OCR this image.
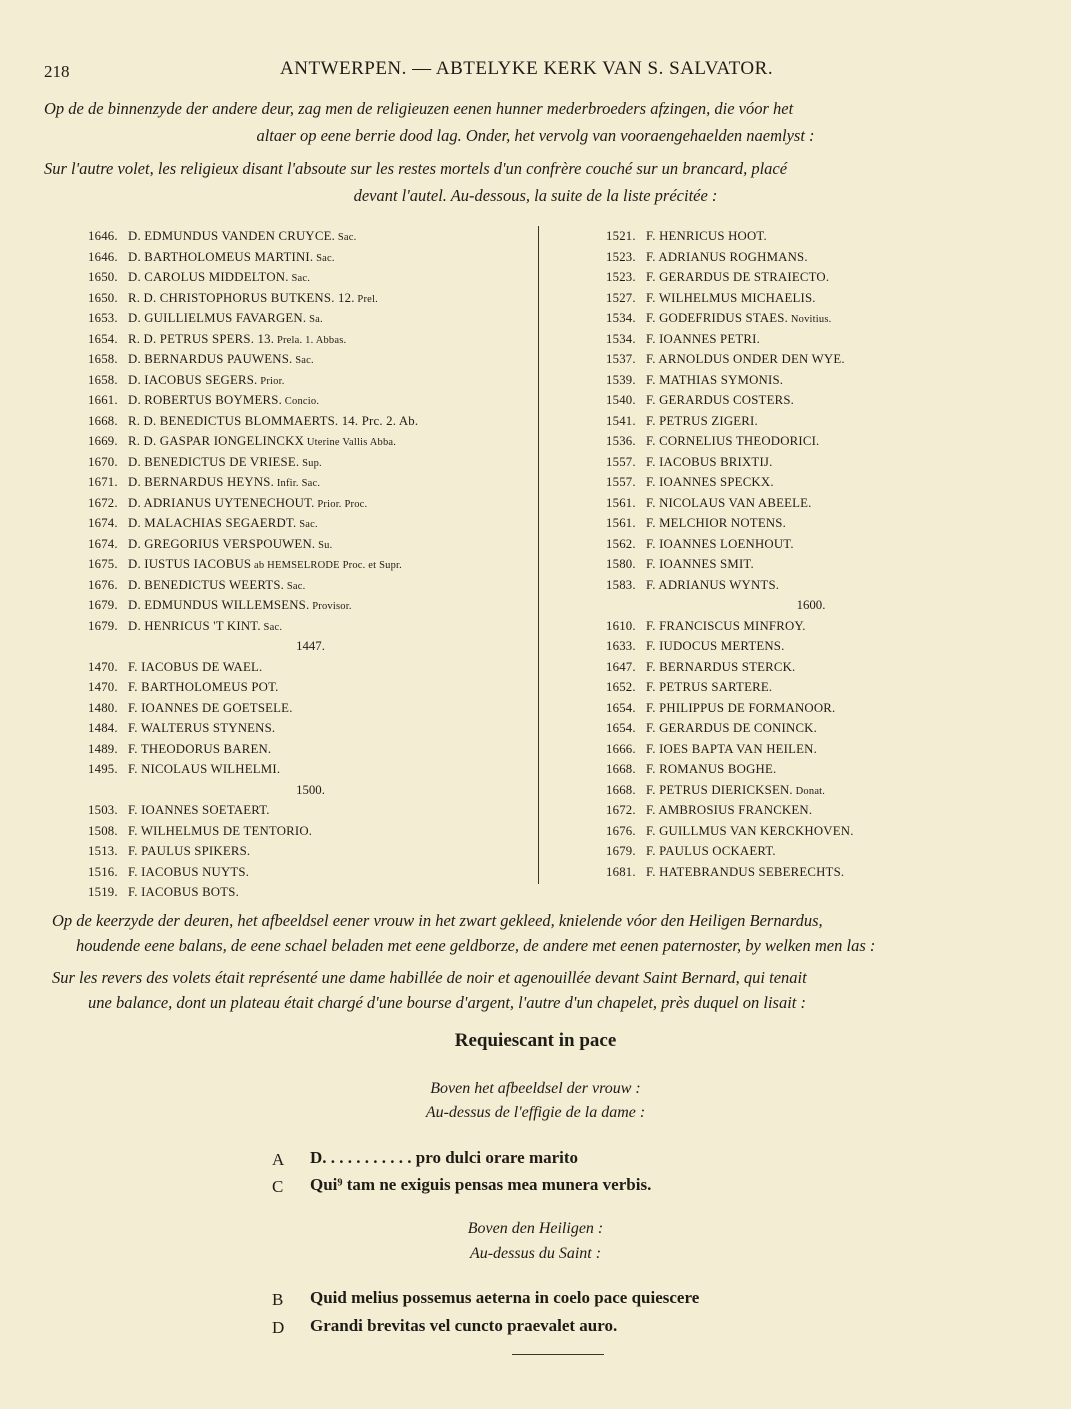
218	ANTWERPEN. — ABTELYKE KERK VAN S. SALVATOR.
Op de de binnenzyde der andere deur, zag men de religieuzen eenen hunner mederbroeders afzingen, die vóor het
altaer op eene berrie dood lag. Onder, het vervolg van vooraengehaelden naemlyst :
Sur l'autre volet, les religieux disant l'absoute sur les restes mortels d'un confrère couché sur un brancard, placé
devant l'autel. Au-dessous, la suite de la liste précitée :
1646. D. EDMUNDUS VANDEN CRUYCE. Sac.
1646. D. BARTHOLOMEUS MARTINI. Sac.
1650. D. CAROLUS MIDDELTON. Sac.
1650. R. D. CHRISTOPHORUS BUTKENS. 12. Prel.
1653. D. GUILLIELMUS FAVARGEN. Sa.
1654. R. D. PETRUS SPERS. 13. Prela. 1. Abbas.
1658. D. BERNARDUS PAUWENS. Sac.
1658. D. IACOBUS SEGERS. Prior.
1661. D. ROBERTUS BOYMERS. Concio.
1668. R. D. BENEDICTUS BLOMMAERTS. 14. Prc. 2. Ab.
1669. R. D. GASPAR IONGELINCKX Uterine Vallis Abba.
1670. D. BENEDICTUS DE VRIESE. Sup.
1671. D. BERNARDUS HEYNS. Infir. Sac.
1672. D. ADRIANUS UYTENECHOUT. Prior. Proc.
1674. D. MALACHIAS SEGAERDT. Sac.
1674. D. GREGORIUS VERSPOUWEN. Su.
1675. D. IUSTUS IACOBUS ab HEMSELRODE Proc. et Supr.
1676. D. BENEDICTUS WEERTS. Sac.
1679. D. EDMUNDUS WILLEMSENS. Provisor.
1679. D. HENRICUS 'T KINT. Sac.
1447.
1470. F. IACOBUS DE WAEL.
1470. F. BARTHOLOMEUS POT.
1480. F. IOANNES DE GOETSELE.
1484. F. WALTERUS STYNENS.
1489. F. THEODORUS BAREN.
1495. F. NICOLAUS WILHELMI.
1500.
1503. F. IOANNES SOETAERT.
1508. F. WILHELMUS DE TENTORIO.
1513. F. PAULUS SPIKERS.
1516. F. IACOBUS NUYTS.
1519. F. IACOBUS BOTS.
1521. F. HENRICUS HOOT.
1523. F. ADRIANUS ROGHMANS.
1523. F. GERARDUS DE STRAIECTO.
1527. F. WILHELMUS MICHAELIS.
1534. F. GODEFRIDUS STAES. Novitius.
1534. F. IOANNES PETRI.
1537. F. ARNOLDUS ONDER DEN WYE.
1539. F. MATHIAS SYMONIS.
1540. F. GERARDUS COSTERS.
1541. F. PETRUS ZIGERI.
1536. F. CORNELIUS THEODORICI.
1557. F. IACOBUS BRIXTIJ.
1557. F. IOANNES SPECKX.
1561. F. NICOLAUS VAN ABEELE.
1561. F. MELCHIOR NOTENS.
1562. F. IOANNES LOENHOUT.
1580. F. IOANNES SMIT.
1583. F. ADRIANUS WYNTS.
1600.
1610. F. FRANCISCUS MINFROY.
1633. F. IUDOCUS MERTENS.
1647. F. BERNARDUS STERCK.
1652. F. PETRUS SARTERE.
1654. F. PHILIPPUS DE FORMANOOR.
1654. F. GERARDUS DE CONINCK.
1666. F. IOES BAPTA VAN HEILEN.
1668. F. ROMANUS BOGHE.
1668. F. PETRUS DIERICKSEN. Donat.
1672. F. AMBROSIUS FRANCKEN.
1676. F. GUILLMUS VAN KERCKHOVEN.
1679. F. PAULUS OCKAERT.
1681. F. HATEBRANDUS SEBERECHTS.
Op de keerzyde der deuren, het afbeeldsel eener vrouw in het zwart gekleed, knielende vóor den Heiligen Bernardus,
houdende eene balans, de eene schael beladen met eene geldborze, de andere met eenen paternoster, by welken men las :
Sur les revers des volets était représenté une dame habillée de noir et agenouillée devant Saint Bernard, qui tenait
une balance, dont un plateau était chargé d'une bourse d'argent, l'autre d'un chapelet, près duquel on lisait :
Requiescant in pace
Boven het afbeeldsel der vrouw :
Au-dessus de l'effigie de la dame :
A D. . . . . . . . . . . pro dulci orare marito
C Qui⁹ tam ne exiguis pensas mea munera verbis.
Boven den Heiligen :
Au-dessus du Saint :
B Quid melius possemus aeterna in coelo pace quiescere
D Grandi brevitas vel cuncto praevalet auro.
